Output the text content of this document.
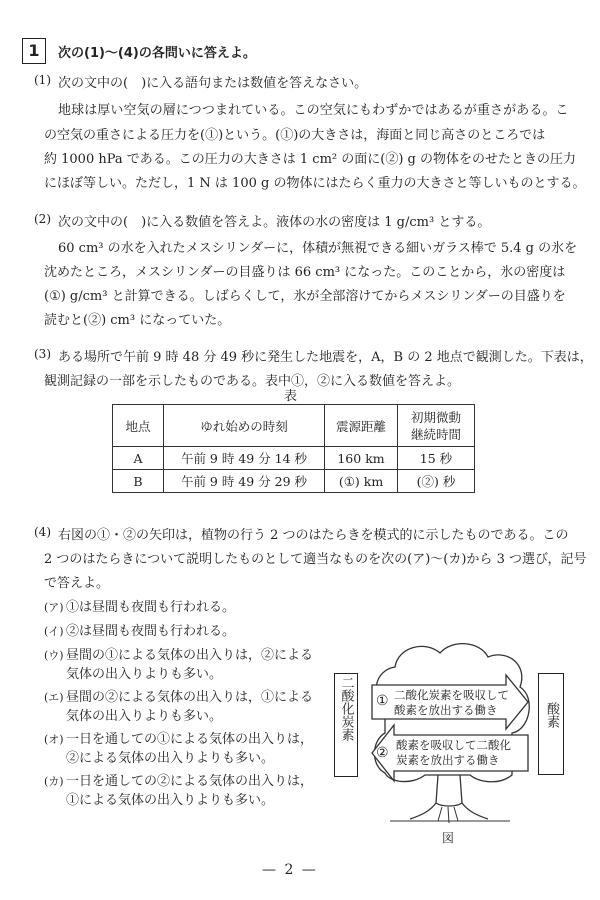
1	次の(1)〜(4)の各問いに答えよ。
(1) 次の文中の(　)に入る語句または数値を答えなさい。
地球は厚い空気の層につつまれている。この空気にもわずかではあるが重さがある。こ
の空気の重さによる圧力を(①)という。(①)の大きさは，海面と同じ高さのところでは
約 1000 hPa である。この圧力の大きさは 1 cm² の面に(②) g の物体をのせたときの圧力
にほぼ等しい。ただし，1 N は 100 g の物体にはたらく重力の大きさと等しいものとする。
(2) 次の文中の(　)に入る数値を答えよ。液体の水の密度は 1 g/cm³ とする。
60 cm³ の水を入れたメスシリンダーに，体積が無視できる細いガラス棒で 5.4 g の氷を
沈めたところ，メスシリンダーの目盛りは 66 cm³ になった。このことから，氷の密度は
(①) g/cm³ と計算できる。しばらくして，氷が全部溶けてからメスシリンダーの目盛りを
読むと(②) cm³ になっていた。
(3) ある場所で午前 9 時 48 分 49 秒に発生した地震を，A，B の 2 地点で観測した。下表は，
観測記録の一部を示したものである。表中①，②に入る数値を答えよ。
表
地点	ゆれ始めの時刻	震源距離	初期微動
継続時間

A	午前 9 時 49 分 14 秒	160 km	15 秒
B	午前 9 時 49 分 29 秒	(①) km	(②) 秒
(4) 右図の①・②の矢印は，植物の行う 2 つのはたらきを模式的に示したものである。この
2 つのはたらきについて説明したものとして適当なものを次の(ア)〜(カ)から 3 つ選び，記号
で答えよ。
(ア) ①は昼間も夜間も行われる。
(イ) ②は昼間も夜間も行われる。
(ウ) 昼間の①による気体の出入りは，②による
気体の出入りよりも多い。
(エ) 昼間の②による気体の出入りは，①による
気体の出入りよりも多い。
(オ) 一日を通しての①による気体の出入りは，
②による気体の出入りよりも多い。
(カ) 一日を通しての②による気体の出入りは，
①による気体の出入りよりも多い。
二酸化炭素	酸素
① 二酸化炭素を吸収して
酸素を放出する働き
② 酸素を吸収して二酸化
炭素を放出する働き
図
— 2 —
